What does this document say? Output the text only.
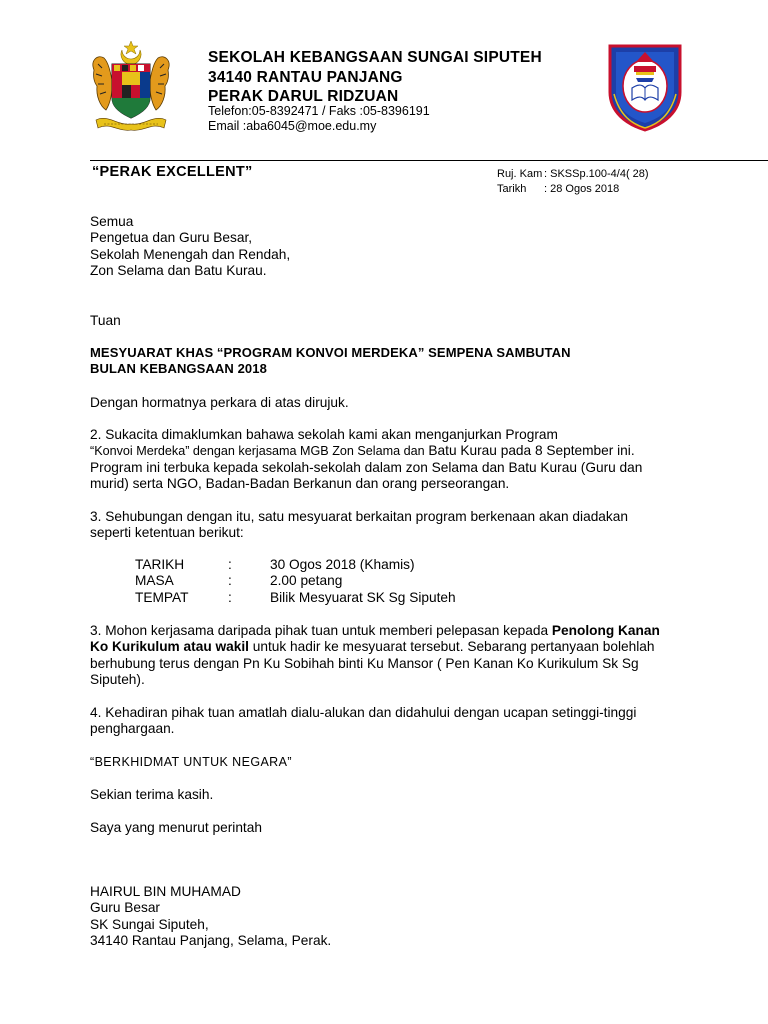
SEKOLAH KEBANGSAAN SUNGAI SIPUTEH
34140 RANTAU PANJANG
PERAK DARUL RIDZUAN
Telefon:05-8392471 / Faks :05-8396191
Email :aba6045@moe.edu.my
“PERAK EXCELLENT”	Ruj. Kam : SKSSp.100-4/4( 28)
Tarikh : 28 Ogos 2018
Semua
Pengetua dan Guru Besar,
Sekolah Menengah dan Rendah,
Zon Selama dan Batu Kurau.
Tuan
MESYUARAT KHAS “PROGRAM KONVOI MERDEKA” SEMPENA SAMBUTAN
BULAN KEBANGSAAN 2018
Dengan hormatnya perkara di atas dirujuk.
2. Sukacita dimaklumkan bahawa sekolah kami akan menganjurkan Program
“Konvoi Merdeka” dengan kerjasama MGB Zon Selama dan Batu Kurau pada 8 September ini.
Program ini terbuka kepada sekolah-sekolah dalam zon Selama dan Batu Kurau (Guru dan
murid) serta NGO, Badan-Badan Berkanun dan orang perseorangan.
3. Sehubungan dengan itu, satu mesyuarat berkaitan program berkenaan akan diadakan
seperti ketentuan berikut:
TARIKH	:	30 Ogos 2018 (Khamis)
MASA	:	2.00 petang
TEMPAT	:	Bilik Mesyuarat SK Sg Siputeh
3. Mohon kerjasama daripada pihak tuan untuk memberi pelepasan kepada Penolong Kanan
Ko Kurikulum atau wakil untuk hadir ke mesyuarat tersebut. Sebarang pertanyaan bolehlah
berhubung terus dengan Pn Ku Sobihah binti Ku Mansor ( Pen Kanan Ko Kurikulum Sk Sg
Siputeh).
4. Kehadiran pihak tuan amatlah dialu-alukan dan didahului dengan ucapan setinggi-tinggi
penghargaan.
“BERKHIDMAT UNTUK NEGARA”
Sekian terima kasih.
Saya yang menurut perintah
HAIRUL BIN MUHAMAD
Guru Besar
SK Sungai Siputeh,
34140 Rantau Panjang, Selama, Perak.
